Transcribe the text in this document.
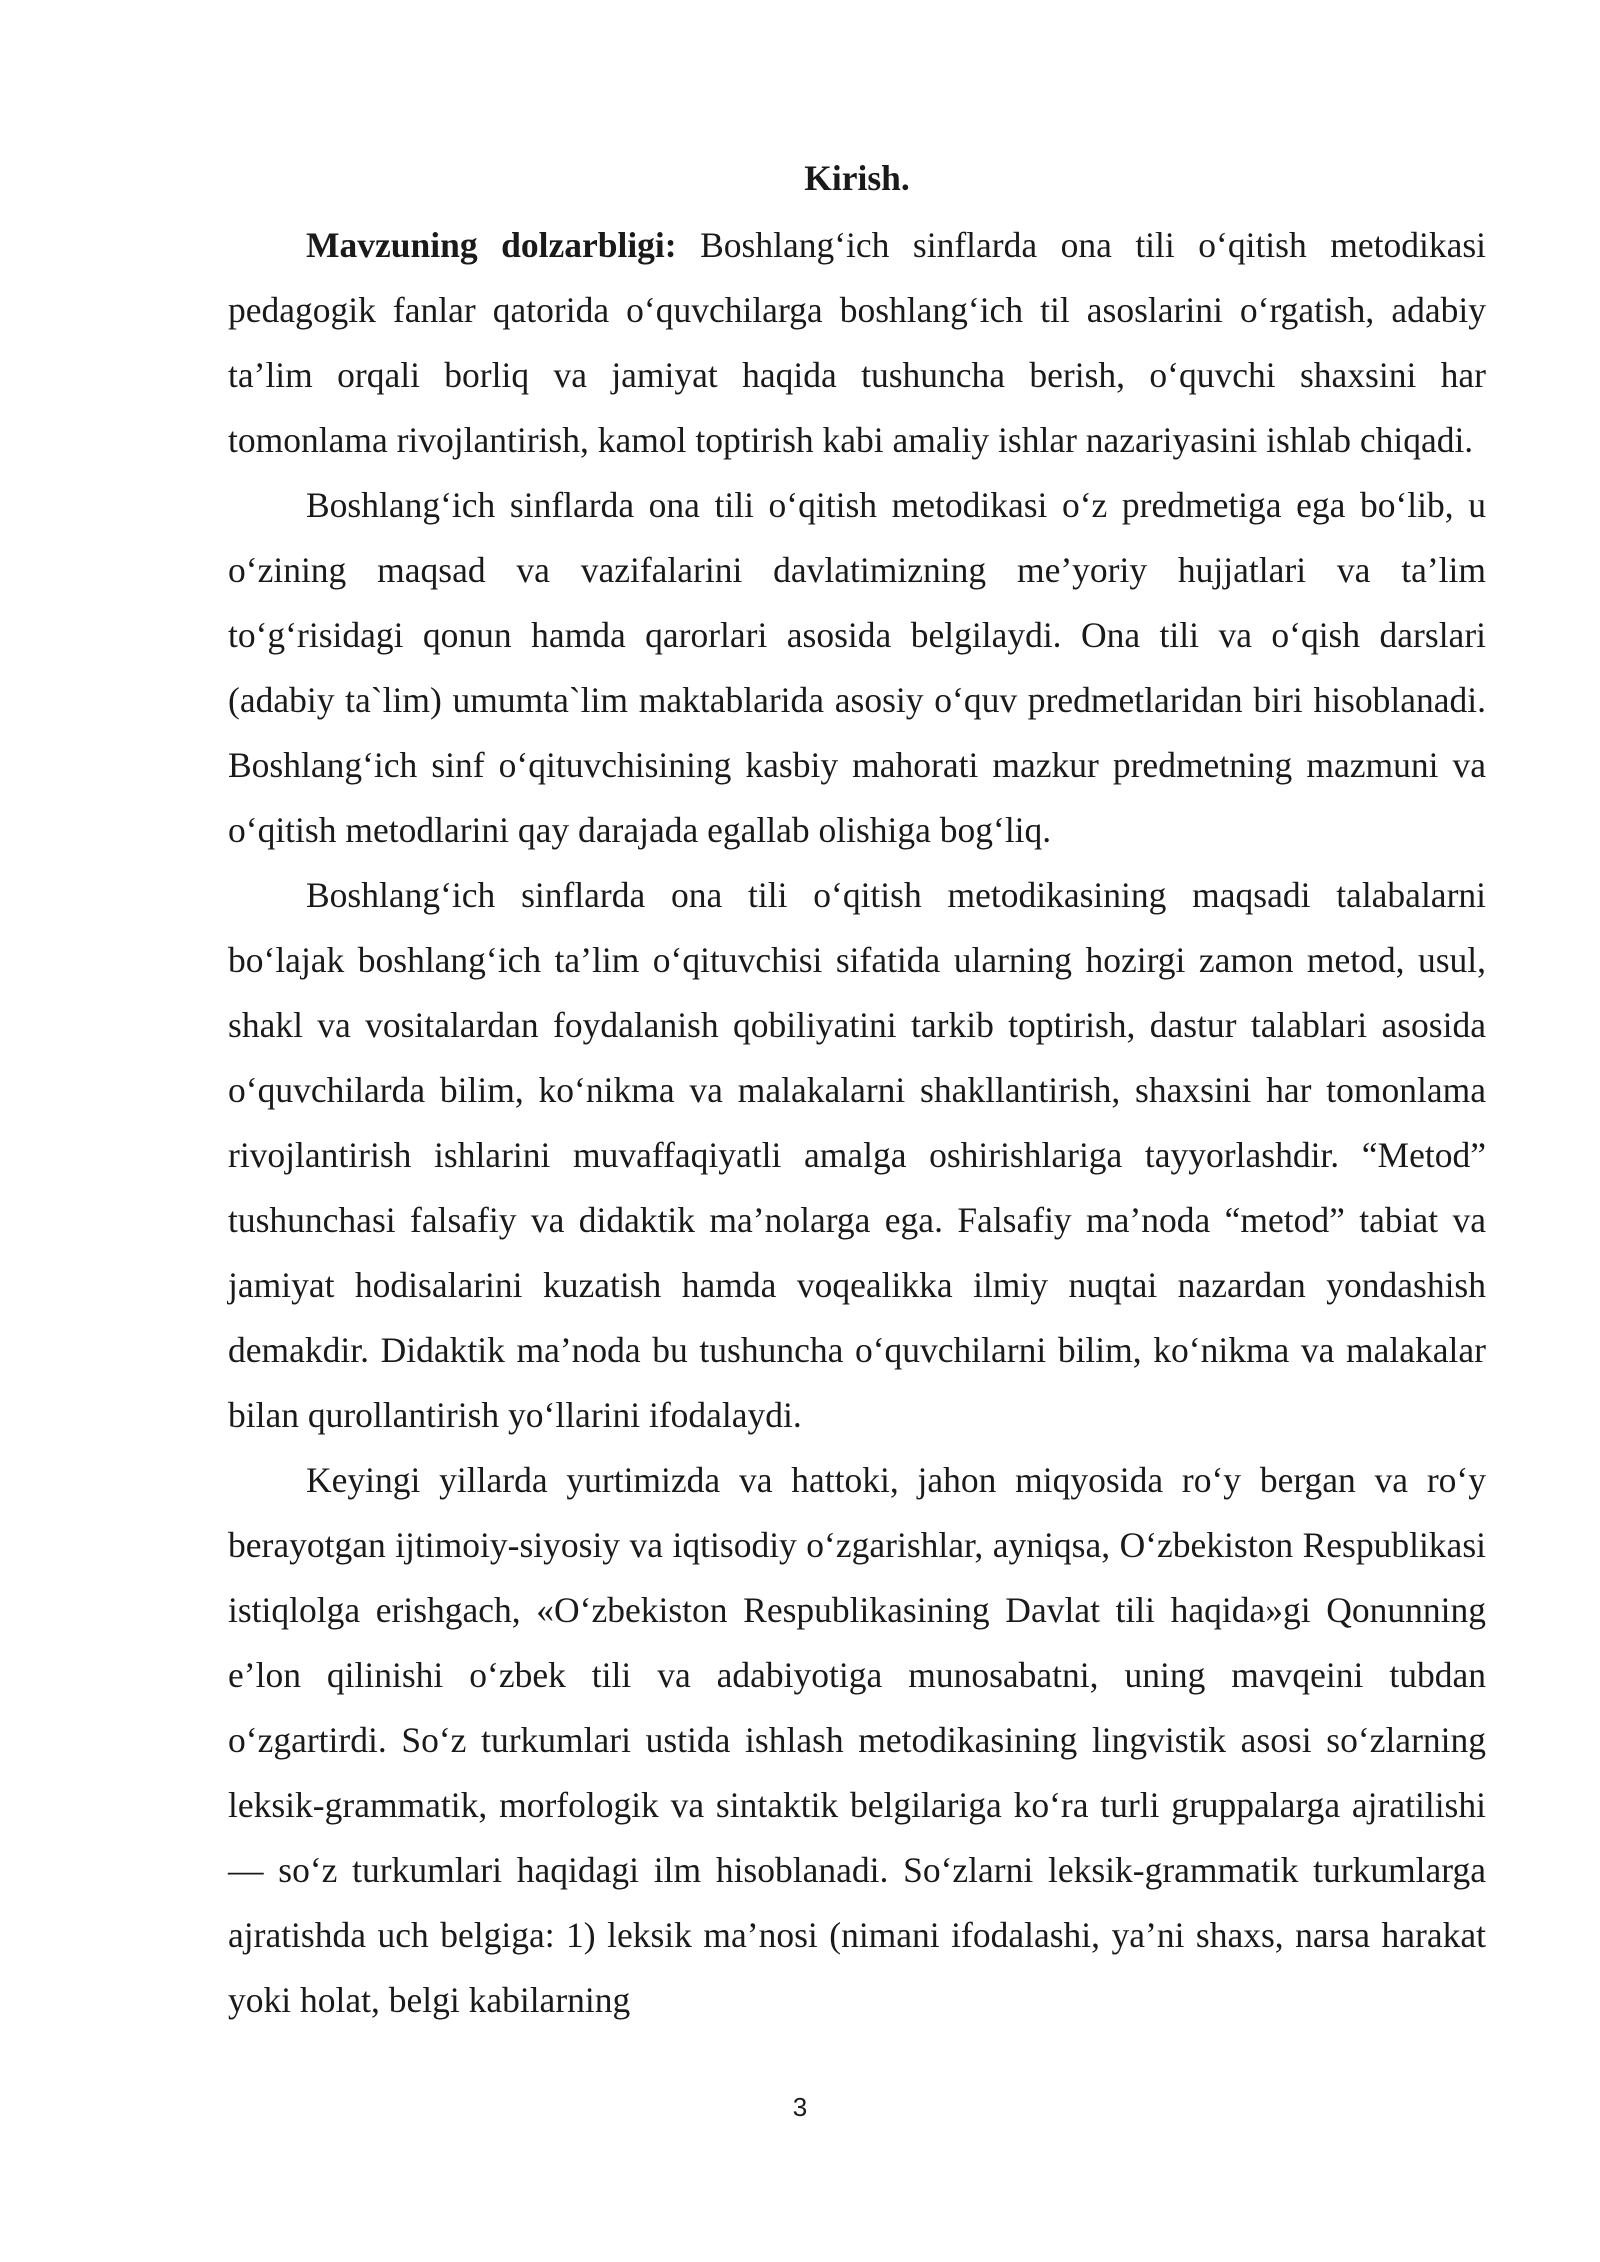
Kirish.

Mavzuning dolzarbligi: Boshlang‘ich sinflarda ona tili o‘qitish metodikasi pedagogik fanlar qatorida o‘quvchilarga boshlang‘ich til asoslarini o‘rgatish, adabiy ta’lim orqali borliq va jamiyat haqida tushuncha berish, o‘quvchi shaxsini har tomonlama rivojlantirish, kamol toptirish kabi amaliy ishlar nazariyasini ishlab chiqadi.

Boshlang‘ich sinflarda ona tili o‘qitish metodikasi o‘z predmetiga ega bo‘lib, u o‘zining maqsad va vazifalarini davlatimizning me’yoriy hujjatlari va ta’lim to‘g‘risidagi qonun hamda qarorlari asosida belgilaydi. Ona tili va o‘qish darslari (adabiy ta`lim) umumta`lim maktablarida asosiy o‘quv predmetlaridan biri hisoblanadi. Boshlang‘ich sinf o‘qituvchisining kasbiy mahorati mazkur predmetning mazmuni va o‘qitish metodlarini qay darajada egallab olishiga bog‘liq.

Boshlang‘ich sinflarda ona tili o‘qitish metodikasining maqsadi talabalarni bo‘lajak boshlang‘ich ta’lim o‘qituvchisi sifatida ularning hozirgi zamon metod, usul, shakl va vositalardan foydalanish qobiliyatini tarkib toptirish, dastur talablari asosida o‘quvchilarda bilim, ko‘nikma va malakalarni shakllantirish, shaxsini har tomonlama rivojlantirish ishlarini muvaffaqiyatli amalga oshirishlariga tayyorlashdir. “Metod” tushunchasi falsafiy va didaktik ma’nolarga ega. Falsafiy ma’noda “metod” tabiat va jamiyat hodisalarini kuzatish hamda voqealikka ilmiy nuqtai nazardan yondashish demakdir. Didaktik ma’noda bu tushuncha o‘quvchilarni bilim, ko‘nikma va malakalar bilan qurollantirish yo‘llarini ifodalaydi.

Keyingi yillarda yurtimizda va hattoki, jahon miqyosida ro‘y bergan va ro‘y berayotgan ijtimoiy-siyosiy va iqtisodiy o‘zgarishlar, ayniqsa, O‘zbekiston Respublikasi istiqlolga erishgach, «O‘zbekiston Respublikasining Davlat tili haqida»gi Qonunning e’lon qilinishi o‘zbek tili va adabiyotiga munosabatni, uning mavqeini tubdan o‘zgartirdi. So‘z turkumlari ustida ishlash metodikasining lingvistik asosi so‘zlarning leksik-grammatik, morfologik va sintaktik belgilariga ko‘ra turli gruppalarga ajratilishi — so‘z turkumlari haqidagi ilm hisoblanadi. So‘zlarni leksik-grammatik turkumlarga ajratishda uch belgiga: 1) leksik ma’nosi (nimani ifodalashi, ya’ni shaxs, narsa harakat yoki holat, belgi kabilarning

3
